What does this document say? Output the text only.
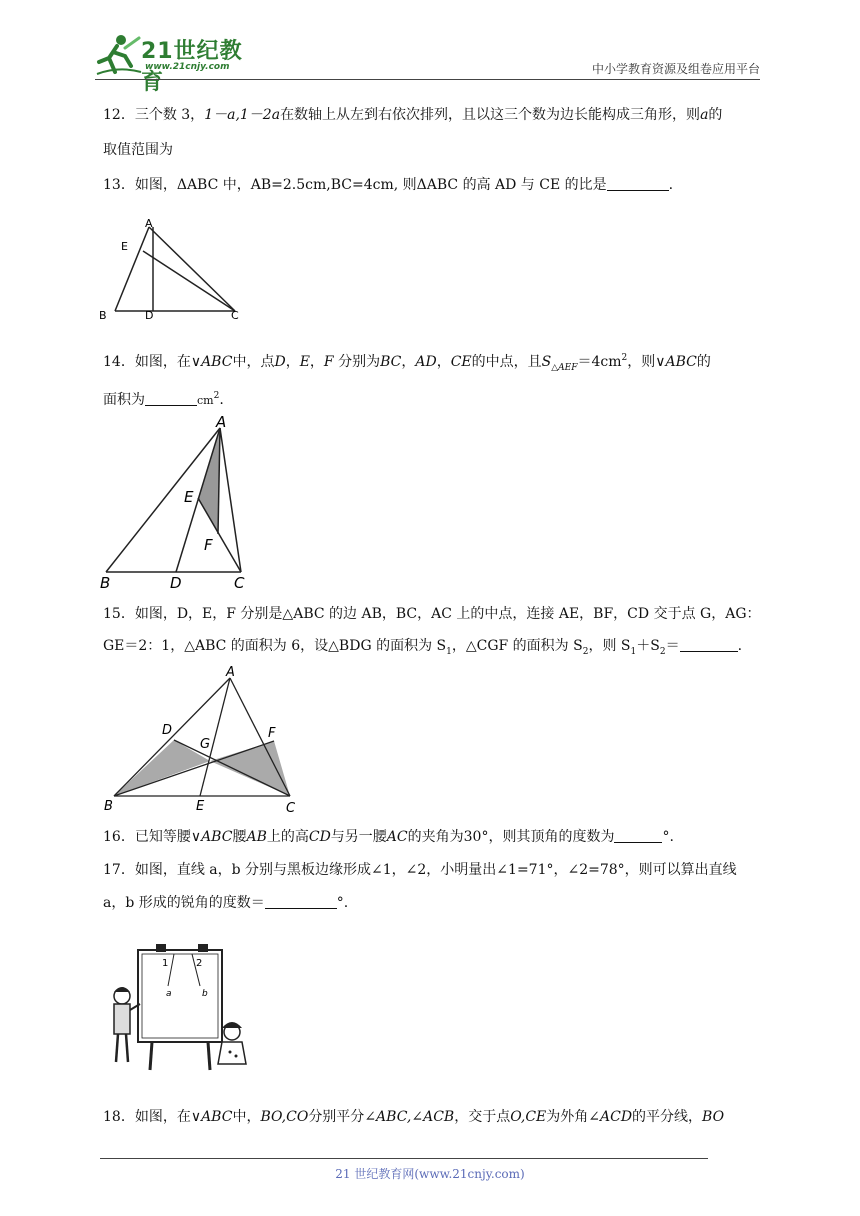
21世纪教育
www.21cnjy.com	中小学教育资源及组卷应用平台
12．三个数 3，1－a,1－2a在数轴上从左到右依次排列，且以这三个数为边长能构成三角形，则a的
取值范围为
13．如图，ΔABC 中，AB=2.5cm,BC=4cm, 则ΔABC 的高 AD 与 CE 的比是	.
A
E
B	D	C
14．如图，在∨ABC中，点D，E，F 分别为BC，AD，CE的中点，且$S_{\triangle AEF}=4cm^2$，则∨ABC的
面积为	$cm^2$.
A
E
F
B	D	C
15．如图，D，E，F 分别是△ABC 的边 AB，BC，AC 上的中点，连接 AE，BF，CD 交于点 G，AG：
GE＝2：1，△ABC 的面积为 6，设△BDG 的面积为 $S_1$，△CGF 的面积为 $S_2$，则 $S_1+S_2=$	.
A
D	F
G
B	E	C
16．已知等腰∨ABC腰AB上的高CD与另一腰AC的夹角为30°，则其顶角的度数为	°.
17．如图，直线 a，b 分别与黑板边缘形成∠1，∠2，小明量出∠1=71°，∠2=78°，则可以算出直线
a，b 形成的锐角的度数＝	°.
1	2
a	b
18．如图，在∨ABC中，BO,CO分别平分∠ABC,∠ACB，交于点O,CE为外角∠ACD的平分线，BO
21 世纪教育网(www.21cnjy.com)
